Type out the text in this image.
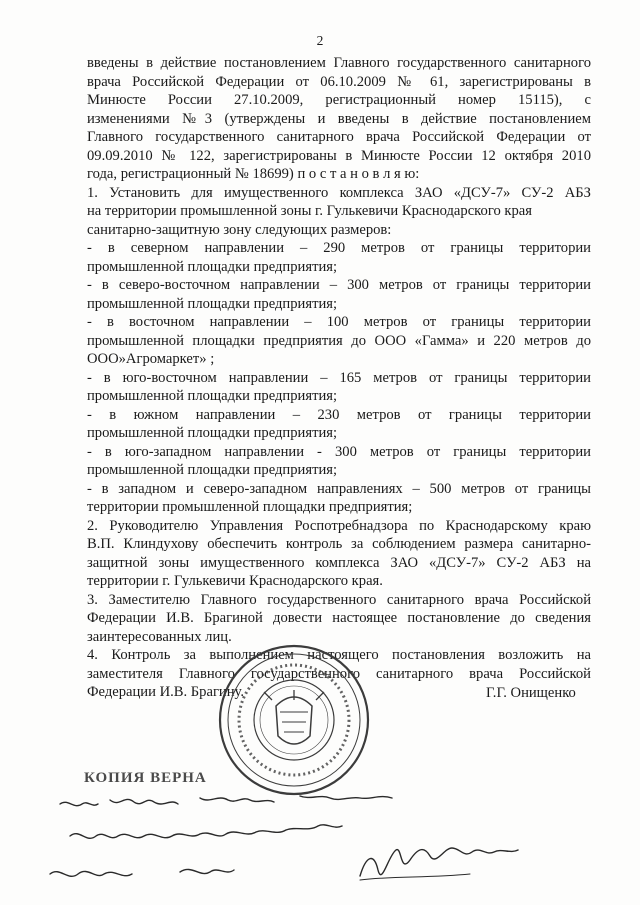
2
введены в действие постановлением Главного государственного санитарного
врача Российской Федерации от 06.10.2009 № 61, зарегистрированы в
Минюсте России 27.10.2009, регистрационный номер 15115), с
изменениями №3 (утверждены и введены в действие постановлением
Главного государственного санитарного врача Российской Федерации от
09.09.2010 № 122, зарегистрированы в Минюсте России 12 октября 2010
года, регистрационный № 18699) п о с т а н о в л я ю:
1. Установить для имущественного комплекса ЗАО «ДСУ-7» СУ-2 АБЗ
на территории промышленной зоны г. Гулькевичи Краснодарского края
санитарно-защитную зону следующих размеров:
- в северном направлении – 290 метров от границы территории
промышленной площадки предприятия;
- в северо-восточном направлении – 300 метров от границы территории
промышленной площадки предприятия;
- в восточном направлении – 100 метров от границы территории
промышленной площадки предприятия до ООО «Гамма» и 220 метров до
ООО»Агромаркет» ;
- в юго-восточном направлении – 165 метров от границы территории
промышленной площадки предприятия;
- в южном направлении – 230 метров от границы территории
промышленной площадки предприятия;
- в юго-западном направлении - 300 метров от границы территории
промышленной площадки предприятия;
- в западном и северо-западном направлениях – 500 метров от границы
территории промышленной площадки предприятия;
2. Руководителю Управления Роспотребнадзора по Краснодарскому краю
В.П. Клиндухову обеспечить контроль за соблюдением размера санитарно-
защитной зоны имущественного комплекса ЗАО «ДСУ-7» СУ-2 АБЗ на
территории г. Гулькевичи Краснодарского края.
3. Заместителю Главного государственного санитарного врача Российской
Федерации И.В. Брагиной довести настоящее постановление до сведения
заинтересованных лиц.
4. Контроль за выполнением настоящего постановления возложить на
заместителя Главного государственного санитарного врача Российской
Федерации И.В. Брагину.	Г.Г. Онищенко
КОПИЯ ВЕРНА
Зам. начальника отдела документационного обеспечения Управления делами Т.В. Папаткина
